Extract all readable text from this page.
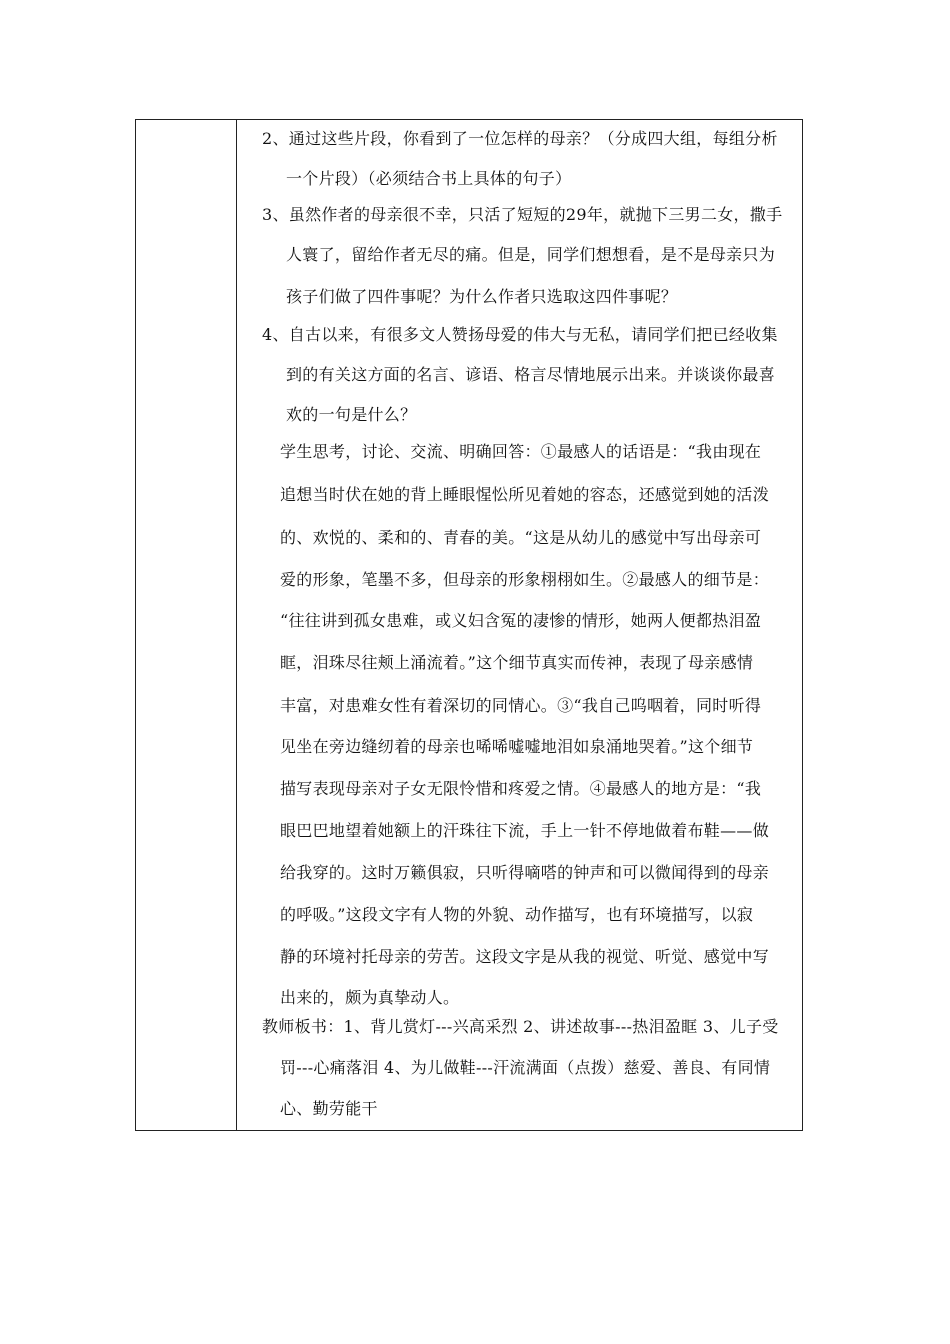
2、通过这些片段，你看到了一位怎样的母亲？（分成四大组，每组分析
一个片段）（必须结合书上具体的句子）
3、虽然作者的母亲很不幸，只活了短短的29年，就抛下三男二女，撒手
人寰了，留给作者无尽的痛。但是，同学们想想看，是不是母亲只为
孩子们做了四件事呢？为什么作者只选取这四件事呢？
4、自古以来，有很多文人赞扬母爱的伟大与无私，请同学们把已经收集
到的有关这方面的名言、谚语、格言尽情地展示出来。并谈谈你最喜
欢的一句是什么？
学生思考，讨论、交流、明确回答：①最感人的话语是：“我由现在
追想当时伏在她的背上睡眼惺忪所见着她的容态，还感觉到她的活泼
的、欢悦的、柔和的、青春的美。“这是从幼儿的感觉中写出母亲可
爱的形象，笔墨不多，但母亲的形象栩栩如生。②最感人的细节是：
“往往讲到孤女患难，或义妇含冤的凄惨的情形，她两人便都热泪盈
眶，泪珠尽往颊上涌流着。”这个细节真实而传神，表现了母亲感情
丰富，对患难女性有着深切的同情心。③“我自己呜咽着，同时听得
见坐在旁边缝纫着的母亲也唏唏嘘嘘地泪如泉涌地哭着。”这个细节
描写表现母亲对子女无限怜惜和疼爱之情。④最感人的地方是：“我
眼巴巴地望着她额上的汗珠往下流，手上一针不停地做着布鞋——做
给我穿的。这时万籁俱寂，只听得嘀嗒的钟声和可以微闻得到的母亲
的呼吸。”这段文字有人物的外貌、动作描写，也有环境描写，以寂
静的环境衬托母亲的劳苦。这段文字是从我的视觉、听觉、感觉中写
出来的，颇为真挚动人。
教师板书：1、背儿赏灯---兴高采烈 2、讲述故事---热泪盈眶 3、儿子受
罚---心痛落泪 4、为儿做鞋---汗流满面（点拨）慈爱、善良、有同情
心、勤劳能干
